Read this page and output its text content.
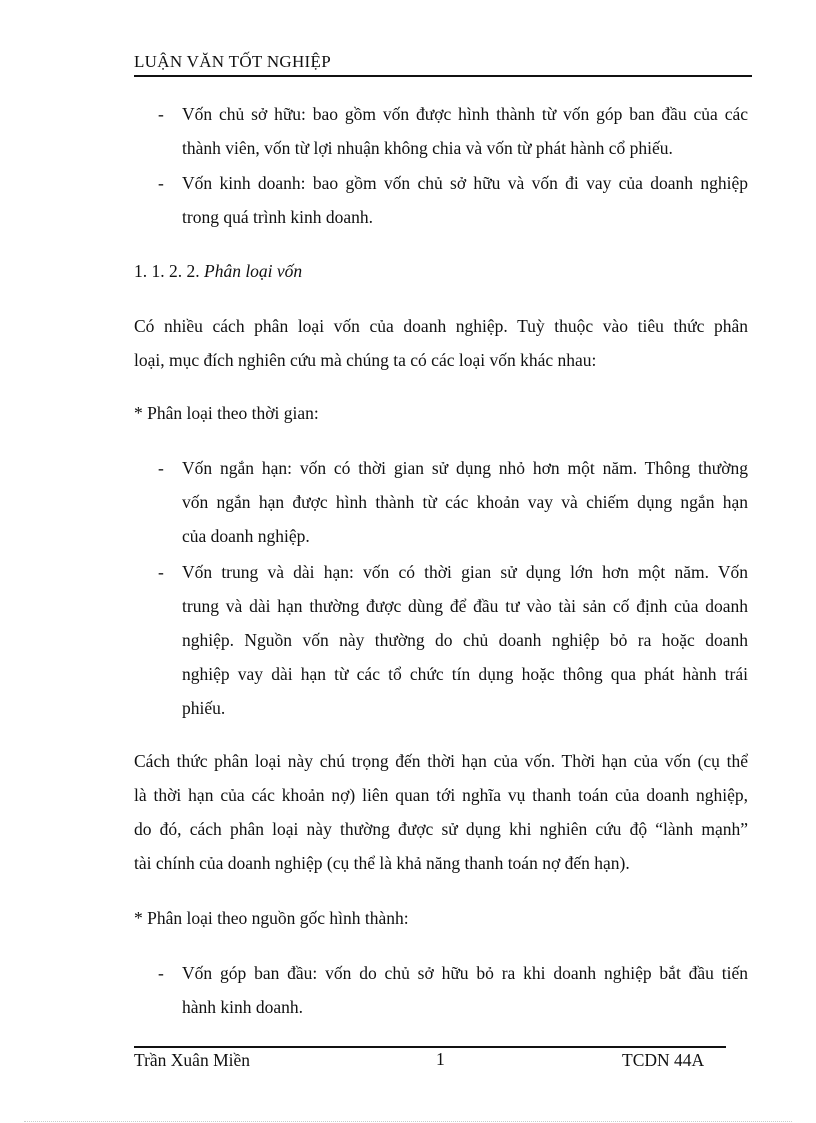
LUẬN VĂN TỐT NGHIỆP
- Vốn chủ sở hữu: bao gồm vốn được hình thành từ vốn góp ban đầu của các
thành viên, vốn từ lợi nhuận không chia và vốn từ phát hành cổ phiếu.

- Vốn kinh doanh: bao gồm vốn chủ sở hữu và vốn đi vay của doanh nghiệp
trong quá trình kinh doanh.

1. 1. 2. 2. Phân loại vốn

Có nhiều cách phân loại vốn của doanh nghiệp. Tuỳ thuộc vào tiêu thức phân
loại, mục đích nghiên cứu mà chúng ta có các loại vốn khác nhau:

* Phân loại theo thời gian:

- Vốn ngắn hạn: vốn có thời gian sử dụng nhỏ hơn một năm. Thông thường
vốn ngắn hạn được hình thành từ các khoản vay và chiếm dụng ngắn hạn
của doanh nghiệp.

- Vốn trung và dài hạn: vốn có thời gian sử dụng lớn hơn một năm. Vốn
trung và dài hạn thường được dùng để đầu tư vào tài sản cố định của doanh
nghiệp. Nguồn vốn này thường do chủ doanh nghiệp bỏ ra hoặc doanh
nghiệp vay dài hạn từ các tổ chức tín dụng hoặc thông qua phát hành trái
phiếu.

Cách thức phân loại này chú trọng đến thời hạn của vốn. Thời hạn của vốn (cụ thể
là thời hạn của các khoản nợ) liên quan tới nghĩa vụ thanh toán của doanh nghiệp,
do đó, cách phân loại này thường được sử dụng khi nghiên cứu độ “lành mạnh”
tài chính của doanh nghiệp (cụ thể là khả năng thanh toán nợ đến hạn).

* Phân loại theo nguồn gốc hình thành:

- Vốn góp ban đầu: vốn do chủ sở hữu bỏ ra khi doanh nghiệp bắt đầu tiến
hành kinh doanh.

Trần Xuân Miền	1	TCDN 44A
